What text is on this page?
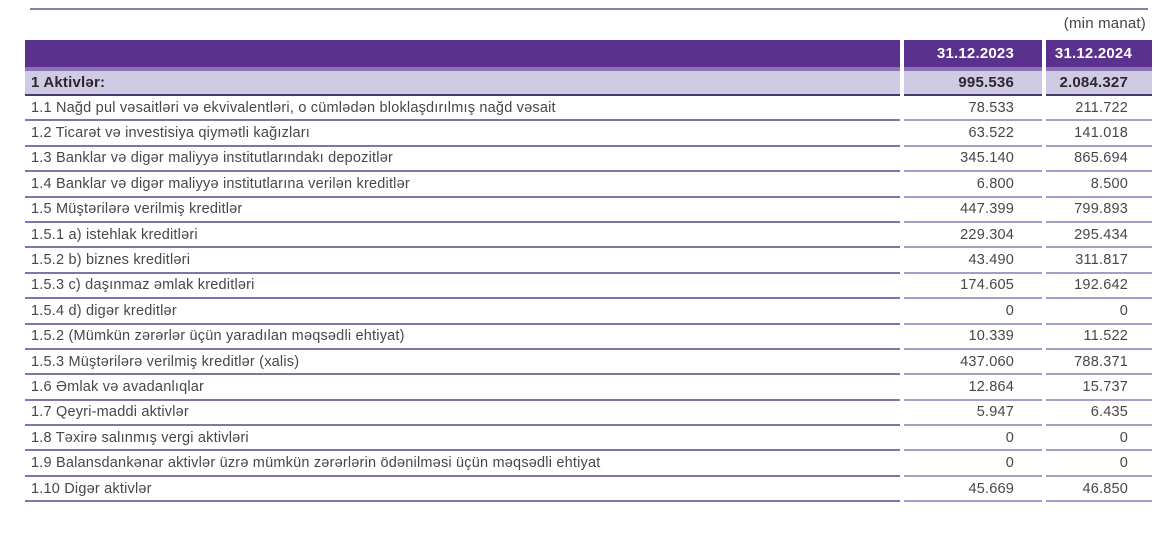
(min manat)
	31.12.2023	31.12.2024
1 Aktivlər:	995.536	2.084.327
1.1 Nağd pul vəsaitləri və ekvivalentləri, o cümlədən bloklaşdırılmış nağd vəsait	78.533	211.722
1.2 Ticarət və investisiya qiymətli kağızları	63.522	141.018
1.3 Banklar və digər maliyyə institutlarındakı depozitlər	345.140	865.694
1.4 Banklar və digər maliyyə institutlarına verilən kreditlər	6.800	8.500
1.5 Müştərilərə verilmiş kreditlər	447.399	799.893
1.5.1 a) istehlak kreditləri	229.304	295.434
1.5.2 b) biznes kreditləri	43.490	311.817
1.5.3 c) daşınmaz əmlak kreditləri	174.605	192.642
1.5.4 d) digər kreditlər	0	0
1.5.2 (Mümkün zərərlər üçün yaradılan məqsədli ehtiyat)	10.339	11.522
1.5.3 Müştərilərə verilmiş kreditlər (xalis)	437.060	788.371
1.6 Əmlak və avadanlıqlar	12.864	15.737
1.7 Qeyri-maddi aktivlər	5.947	6.435
1.8 Təxirə salınmış vergi aktivləri	0	0
1.9 Balansdankənar aktivlər üzrə mümkün zərərlərin ödənilməsi üçün məqsədli ehtiyat	0	0
1.10 Digər aktivlər	45.669	46.850
